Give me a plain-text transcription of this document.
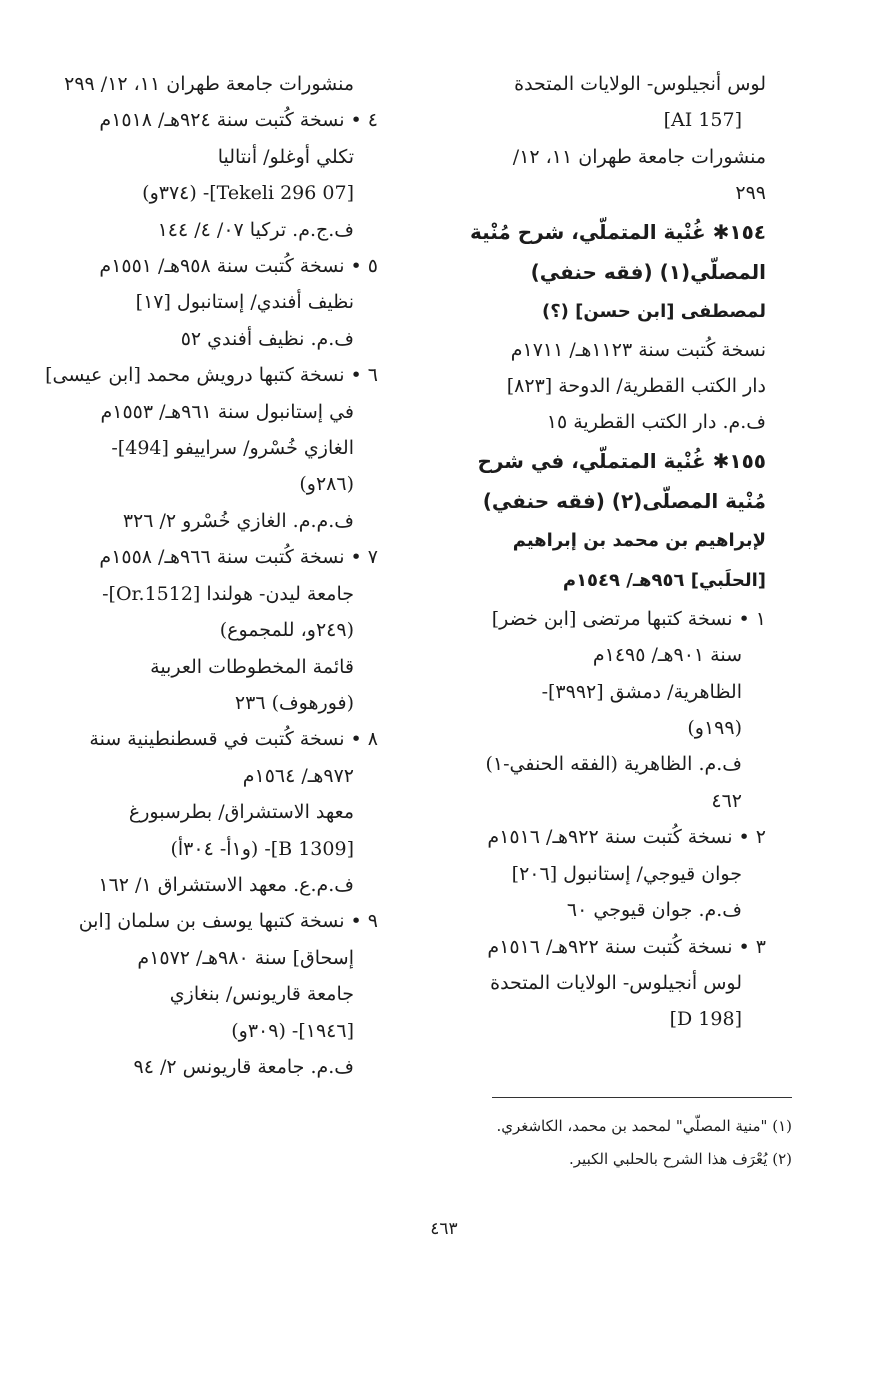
لوس أنجيلوس- الولايات المتحدة
[AI 157]
منشورات جامعة طهران ١١، ١٢/
٢٩٩
١٥٤✱ غُنْية المتملّي، شرح مُنْية
المصلّي(١) (فقه حنفي)
لمصطفى [ابن حسن] (؟)
نسخة كُتبت سنة ١١٢٣هـ/ ١٧١١م
دار الكتب القطرية/ الدوحة [٨٢٣]
ف.م. دار الكتب القطرية ١٥
١٥٥✱ غُنْية المتملّي، في شرح
مُنْية المصلّى(٢) (فقه حنفي)
لإبراهيم بن محمد بن إبراهيم
[الحلَبي] ٩٥٦هـ/ ١٥٤٩م
١ • نسخة كتبها مرتضى [ابن خضر]
سنة ٩٠١هـ/ ١٤٩٥م
الظاهرية/ دمشق [٣٩٩٢]-
(١٩٩و)
ف.م. الظاهرية (الفقه الحنفي-١)
٤٦٢
٢ • نسخة كُتبت سنة ٩٢٢هـ/ ١٥١٦م
جوان قيوجي/ إستانبول [٢٠٦]
ف.م. جوان قيوجي ٦٠
٣ • نسخة كُتبت سنة ٩٢٢هـ/ ١٥١٦م
لوس أنجيلوس- الولايات المتحدة
[D 198]
منشورات جامعة طهران ١١، ١٢/ ٢٩٩
٤ • نسخة كُتبت سنة ٩٢٤هـ/ ١٥١٨م
تكلي أوغلو/ أنتاليا
[07 Tekeli 296]- (٣٧٤و)
ف.ج.م. تركيا ٠٧/ ٤/ ١٤٤
٥ • نسخة كُتبت سنة ٩٥٨هـ/ ١٥٥١م
نظيف أفندي/ إستانبول [١٧]
ف.م. نظيف أفندي ٥٢
٦ • نسخة كتبها درويش محمد [ابن عيسى]
في إستانبول سنة ٩٦١هـ/ ١٥٥٣م
الغازي خُسْرو/ سراييفو [494]-
(٢٨٦و)
ف.م.م. الغازي خُسْرو ٢/ ٣٢٦
٧ • نسخة كُتبت سنة ٩٦٦هـ/ ١٥٥٨م
جامعة ليدن- هولندا [Or.1512]-
(٢٤٩و، للمجموع)
قائمة المخطوطات العربية
(فورهوف) ٢٣٦
٨ • نسخة كُتبت في قسطنطينية سنة
٩٧٢هـ/ ١٥٦٤م
معهد الاستشراق/ بطرسبورغ
[B 1309]- (و١أ- ٣٠٤أ)
ف.م.ع. معهد الاستشراق ١/ ١٦٢
٩ • نسخة كتبها يوسف بن سلمان [ابن
إسحاق] سنة ٩٨٠هـ/ ١٥٧٢م
جامعة قاريونس/ بنغازي
[١٩٤٦]- (٣٠٩و)
ف.م. جامعة قاريونس ٢/ ٩٤
(١) "منية المصلّي" لمحمد بن محمد، الكاشغري.
(٢) يُعْرَف هذا الشرح بالحلبي الكبير.
٤٦٣
